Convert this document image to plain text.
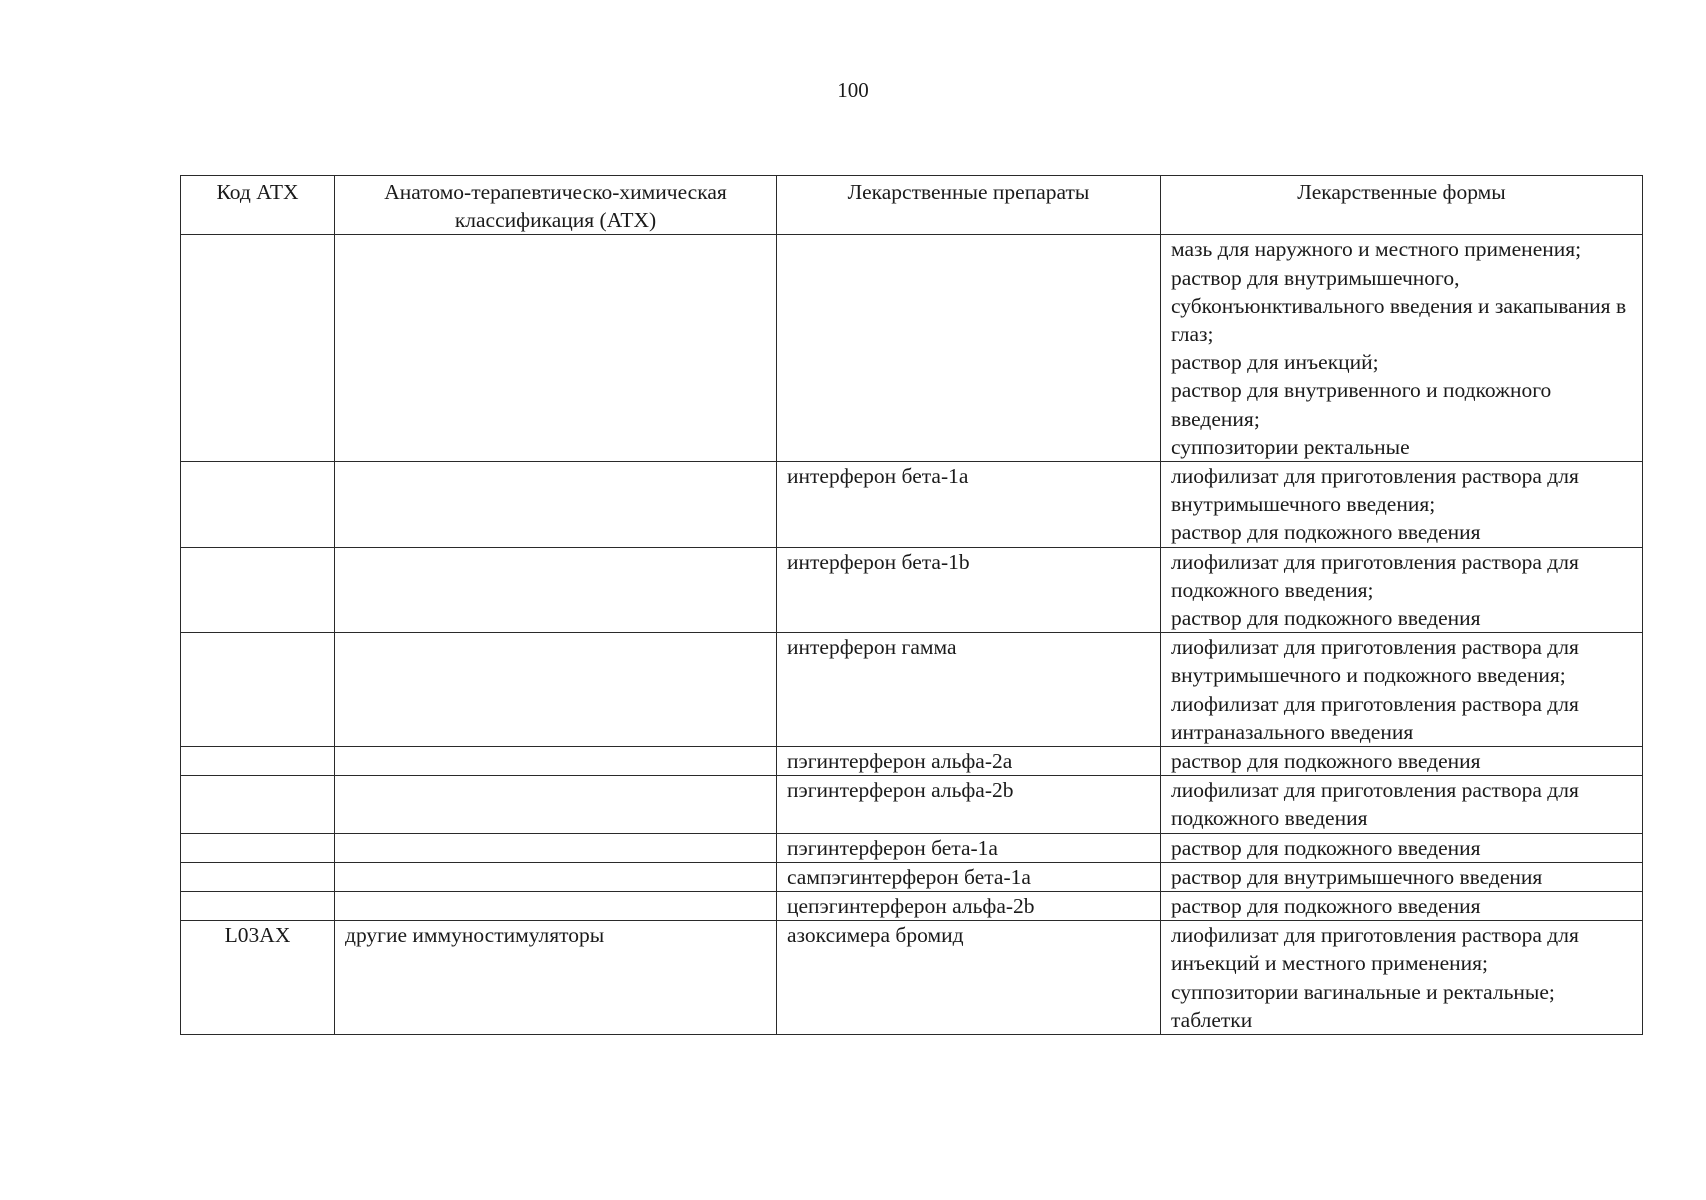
100
Код АТХ	Анатомо-терапевтическо-химическая классификация (АТХ)	Лекарственные препараты	Лекарственные формы
			мазь для наружного и местного применения;
раствор для внутримышечного, субконъюнктивального введения и закапывания в глаз;
раствор для инъекций;
раствор для внутривенного и подкожного введения;
суппозитории ректальные
		интерферон бета-1a	лиофилизат для приготовления раствора для внутримышечного введения;
раствор для подкожного введения
		интерферон бета-1b	лиофилизат для приготовления раствора для подкожного введения;
раствор для подкожного введения
		интерферон гамма	лиофилизат для приготовления раствора для внутримышечного и подкожного введения;
лиофилизат для приготовления раствора для интраназального введения
		пэгинтерферон альфа-2a	раствор для подкожного введения
		пэгинтерферон альфа-2b	лиофилизат для приготовления раствора для подкожного введения
		пэгинтерферон бета-1a	раствор для подкожного введения
		сампэгинтерферон бета-1a	раствор для внутримышечного введения
		цепэгинтерферон альфа-2b	раствор для подкожного введения
L03AX	другие иммуностимуляторы	азоксимера бромид	лиофилизат для приготовления раствора для инъекций и местного применения;
суппозитории вагинальные и ректальные;
таблетки
